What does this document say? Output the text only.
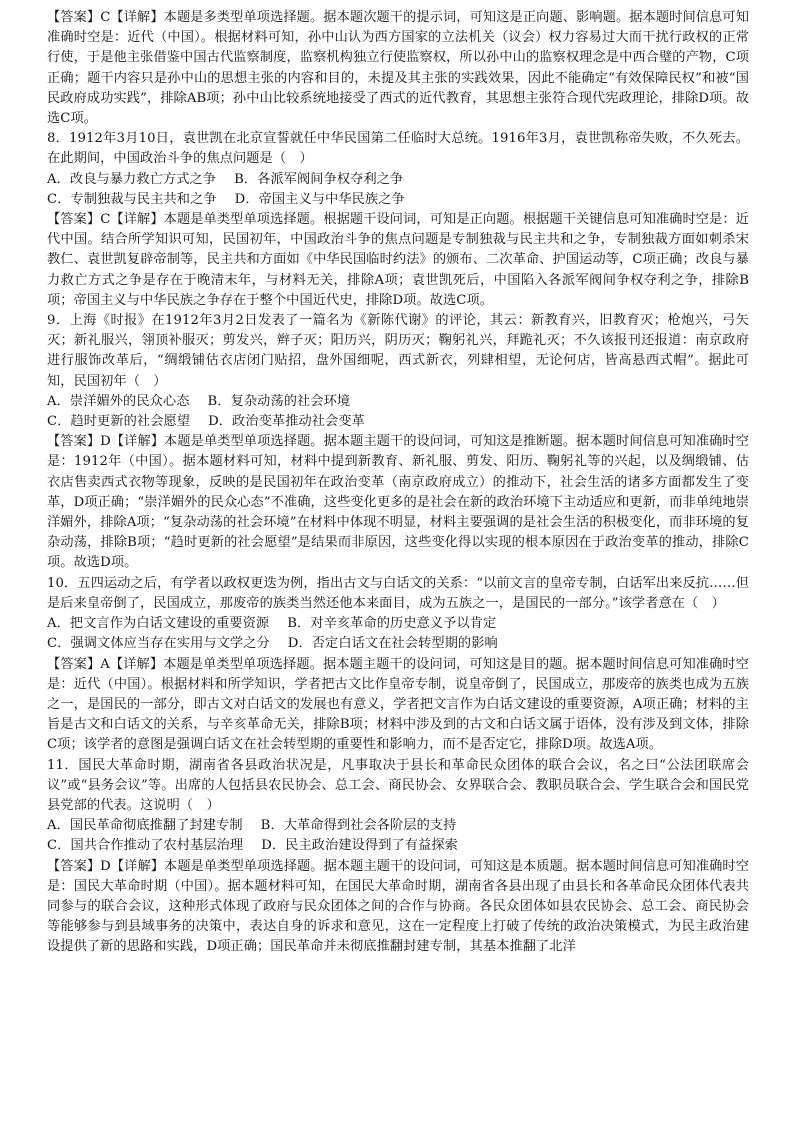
【答案】C【详解】本题是多类型单项选择题。据本题次题干的提示词，可知这是正向题、影响题。据本题时间信息可知准确时空是：近代（中国）。根据材料可知，孙中山认为西方国家的立法机关（议会）权力容易过大而干扰行政权的正常行使，于是他主张借鉴中国古代监察制度，监察机构独立行使监察权，所以孙中山的监察权理念是中西合璧的产物，C项正确；题干内容只是孙中山的思想主张的内容和目的，未提及其主张的实践效果，因此不能确定“有效保障民权”和被“国民政府成功实践”，排除AB项；孙中山比较系统地接受了西式的近代教育，其思想主张符合现代宪政理论，排除D项。故选C项。

8．1912年3月10日，袁世凯在北京宣誓就任中华民国第二任临时大总统。1916年3月，袁世凯称帝失败，不久死去。在此期间，中国政治斗争的焦点问题是（　）

A．改良与暴力救亡方式之争 B．各派军阀间争权夺利之争
C．专制独裁与民主共和之争 D．帝国主义与中华民族之争

【答案】C【详解】本题是单类型单项选择题。根据题干设问词，可知是正向题。根据题干关键信息可知准确时空是：近代中国。结合所学知识可知，民国初年，中国政治斗争的焦点问题是专制独裁与民主共和之争，专制独裁方面如刺杀宋教仁、袁世凯复辟帝制等，民主共和方面如《中华民国临时约法》的颁布、二次革命、护国运动等，C项正确；改良与暴力救亡方式之争是存在于晚清末年，与材料无关，排除A项；袁世凯死后，中国陷入各派军阀间争权夺利之争，排除B项；帝国主义与中华民族之争存在于整个中国近代史，排除D项。故选C项。

9．上海《时报》在1912年3月2日发表了一篇名为《新陈代谢》的评论，其云：新教育兴，旧教育灭；枪炮兴，弓矢灭；新礼服兴，翎顶补服灭；剪发兴，辫子灭；阳历兴，阴历灭；鞠躬礼兴，拜跪礼灭；不久该报刊还报道：南京政府进行服饰改革后，“绸缎铺估衣店闭门贴招，盘外国细呢，西式新衣，列肆相望，无论何店，皆高悬西式帽”。据此可知，民国初年（　）

A．崇洋媚外的民众心态 B．复杂动荡的社会环境
C．趋时更新的社会愿望 D．政治变革推动社会变革

【答案】D【详解】本题是单类型单项选择题。据本题主题干的设问词，可知这是推断题。据本题时间信息可知准确时空是：1912年（中国）。据本题材料可知，材料中提到新教育、新礼服、剪发、阳历、鞠躬礼等的兴起，以及绸缎铺、估衣店售卖西式衣物等现象，反映的是民国初年在政治变革（南京政府成立）的推动下，社会生活的诸多方面都发生了变革，D项正确；“崇洋媚外的民众心态”不准确，这些变化更多的是社会在新的政治环境下主动适应和更新，而非单纯地崇洋媚外，排除A项；“复杂动荡的社会环境”在材料中体现不明显，材料主要强调的是社会生活的积极变化，而非环境的复杂动荡，排除B项；“趋时更新的社会愿望”是结果而非原因，这些变化得以实现的根本原因在于政治变革的推动，排除C项。故选D项。

10．五四运动之后，有学者以政权更迭为例，指出古文与白话文的关系：“以前文言的皇帝专制，白话军出来反抗……但是后来皇帝倒了，民国成立，那废帝的族类当然还他本来面目，成为五族之一，是国民的一部分。”该学者意在（　）

A．把文言作为白话文建设的重要资源 B．对辛亥革命的历史意义予以肯定
C．强调文体应当存在实用与文学之分 D．否定白话文在社会转型期的影响

【答案】A【详解】本题是单类型单项选择题。据本题主题干的设问词，可知这是目的题。据本题时间信息可知准确时空是：近代（中国）。根据材料和所学知识，学者把古文比作皇帝专制，说皇帝倒了，民国成立，那废帝的族类也成为五族之一，是国民的一部分，即古文对白话文的发展也有意义，学者把文言作为白话文建设的重要资源，A项正确；材料的主旨是古文和白话文的关系，与辛亥革命无关，排除B项；材料中涉及到的古文和白话文属于语体，没有涉及到文体，排除C项；该学者的意图是强调白话文在社会转型期的重要性和影响力，而不是否定它，排除D项。故选A项。

11．国民大革命时期，湖南省各县政治状况是，凡事取决于县长和革命民众团体的联合会议，名之曰“公法团联席会议”或“县务会议”等。出席的人包括县农民协会、总工会、商民协会、女界联合会、教职员联合会、学生联合会和国民党县党部的代表。这说明（　）

A．国民革命彻底推翻了封建专制 B．大革命得到社会各阶层的支持
C．国共合作推动了农村基层治理 D．民主政治建设得到了有益探索

【答案】D【详解】本题是单类型单项选择题。据本题主题干的设问词，可知这是本质题。据本题时间信息可知准确时空是：国民大革命时期（中国）。据本题材料可知，在国民大革命时期，湖南省各县出现了由县长和各革命民众团体代表共同参与的联合会议，这种形式体现了政府与民众团体之间的合作与协商。各民众团体如县农民协会、总工会、商民协会等能够参与到县域事务的决策中，表达自身的诉求和意见，这在一定程度上打破了传统的政治决策模式，为民主政治建设提供了新的思路和实践，D项正确；国民革命并未彻底推翻封建专制，其基本推翻了北洋
